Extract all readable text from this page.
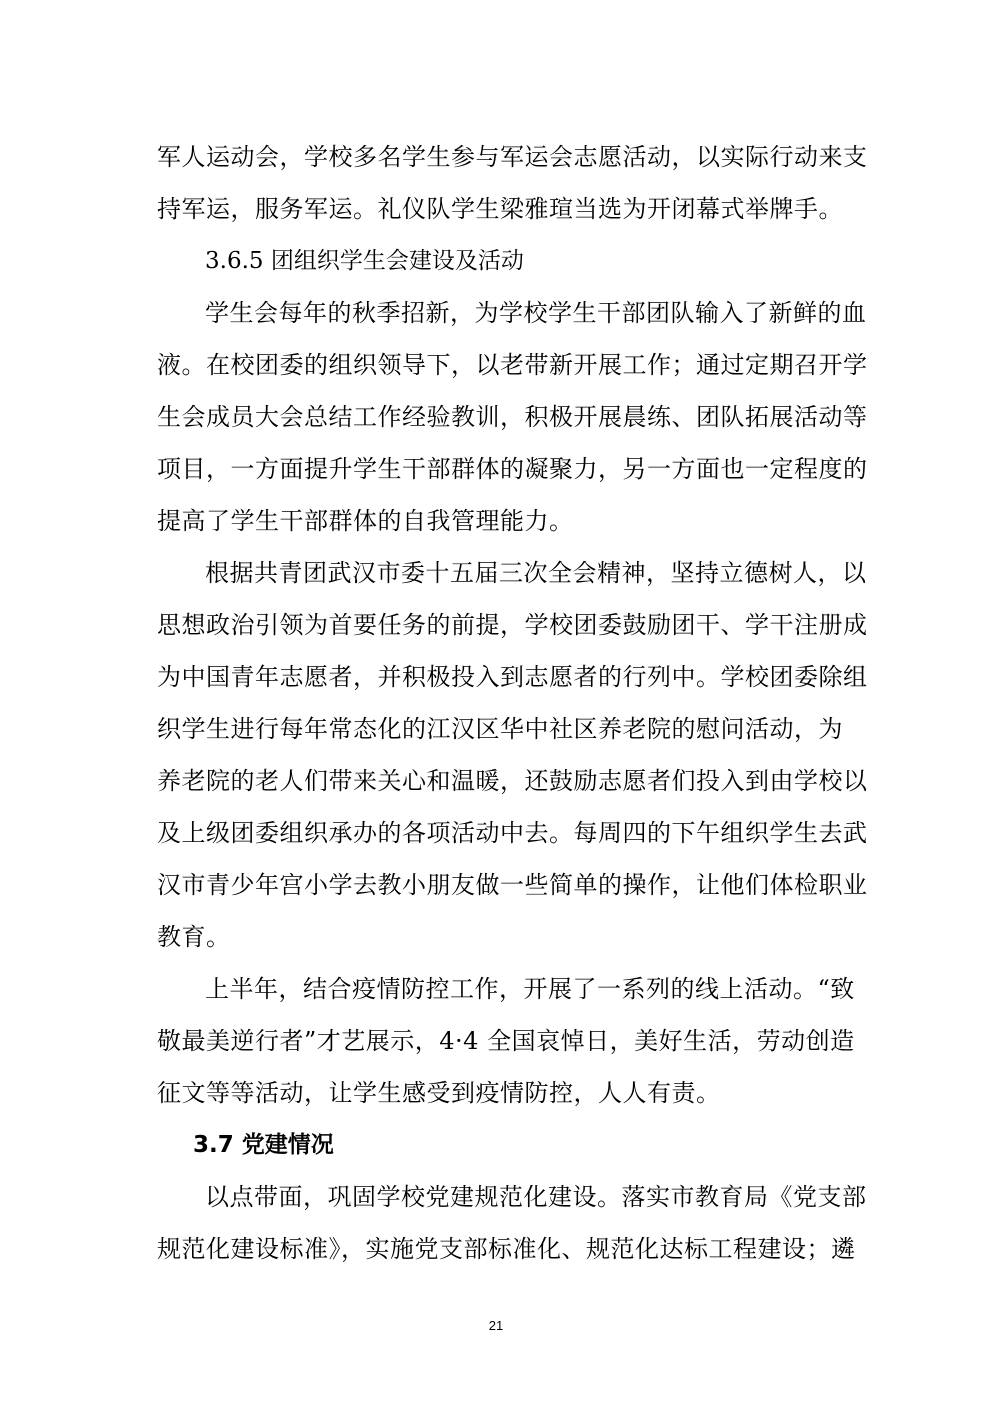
军人运动会，学校多名学生参与军运会志愿活动，以实际行动来支
持军运，服务军运。礼仪队学生梁雅瑄当选为开闭幕式举牌手。
3.6.5 团组织学生会建设及活动
学生会每年的秋季招新，为学校学生干部团队输入了新鲜的血
液。在校团委的组织领导下，以老带新开展工作；通过定期召开学
生会成员大会总结工作经验教训，积极开展晨练、团队拓展活动等
项目，一方面提升学生干部群体的凝聚力，另一方面也一定程度的
提高了学生干部群体的自我管理能力。
根据共青团武汉市委十五届三次全会精神，坚持立德树人，以
思想政治引领为首要任务的前提，学校团委鼓励团干、学干注册成
为中国青年志愿者，并积极投入到志愿者的行列中。学校团委除组
织学生进行每年常态化的江汉区华中社区养老院的慰问活动，为
养老院的老人们带来关心和温暖，还鼓励志愿者们投入到由学校以
及上级团委组织承办的各项活动中去。每周四的下午组织学生去武
汉市青少年宫小学去教小朋友做一些简单的操作，让他们体检职业
教育。
上半年，结合疫情防控工作，开展了一系列的线上活动。“致
敬最美逆行者”才艺展示，4·4 全国哀悼日，美好生活，劳动创造
征文等等活动，让学生感受到疫情防控，人人有责。
3.7 党建情况
以点带面，巩固学校党建规范化建设。落实市教育局《党支部
规范化建设标准》，实施党支部标准化、规范化达标工程建设；遴
21
